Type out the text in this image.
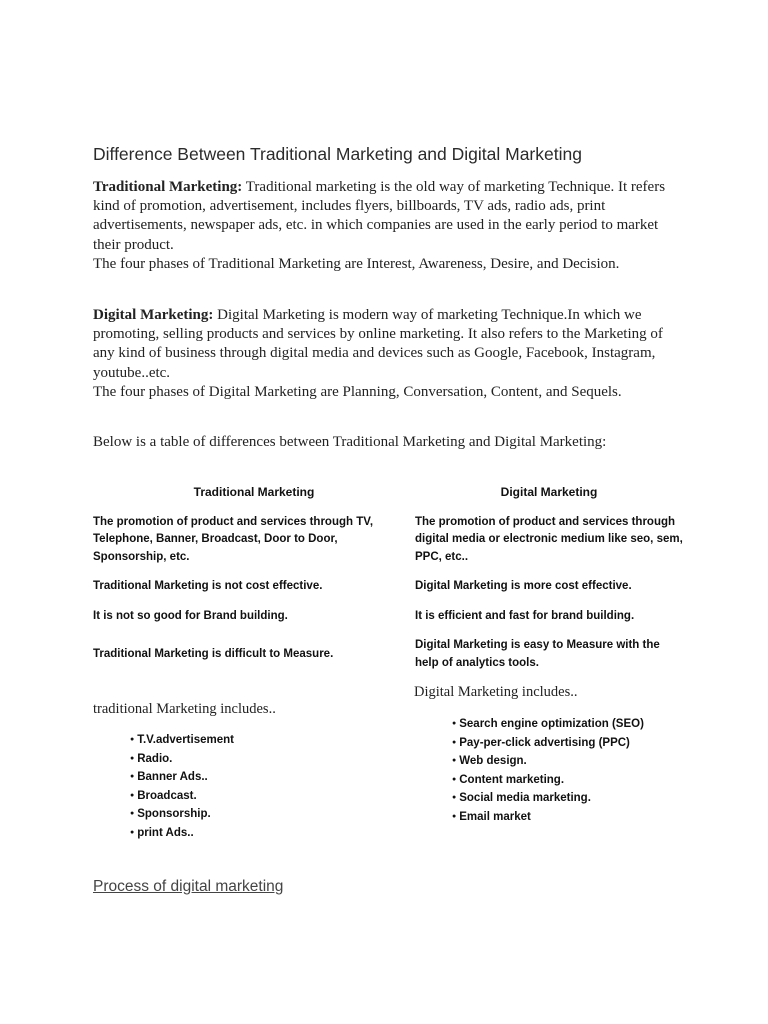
Difference Between Traditional Marketing and Digital Marketing
Traditional Marketing: Traditional marketing is the old way of marketing Technique. It refers kind of promotion, advertisement, includes flyers, billboards, TV ads, radio ads, print advertisements, newspaper ads, etc. in which companies are used in the early period to market their product.
The four phases of Traditional Marketing are Interest, Awareness, Desire, and Decision.
Digital Marketing: Digital Marketing is modern way of marketing Technique.In which we promoting, selling products and services by online marketing. It also refers to the Marketing of any kind of business through digital media and devices such as Google, Facebook, Instagram, youtube..etc.
The four phases of Digital Marketing are Planning, Conversation, Content, and Sequels.
Below is a table of differences between Traditional Marketing and Digital Marketing:
Traditional Marketing	Digital Marketing
The promotion of product and services through TV, Telephone, Banner, Broadcast, Door to Door, Sponsorship, etc.	The promotion of product and services through digital media or electronic medium like seo, sem, PPC, etc..
Traditional Marketing is not cost effective.	Digital Marketing is more cost effective.
It is not so good for Brand building.	It is efficient and fast for brand building.
Traditional Marketing is difficult to Measure.	Digital Marketing is easy to Measure with the help of analytics tools.
Digital Marketing includes..
traditional Marketing includes..
● T.V.advertisement
● Radio.
● Banner Ads..
● Broadcast.
● Sponsorship.
● print Ads..
● Search engine optimization (SEO)
● Pay-per-click advertising (PPC)
● Web design.
● Content marketing.
● Social media marketing.
● Email market
Process of digital marketing
